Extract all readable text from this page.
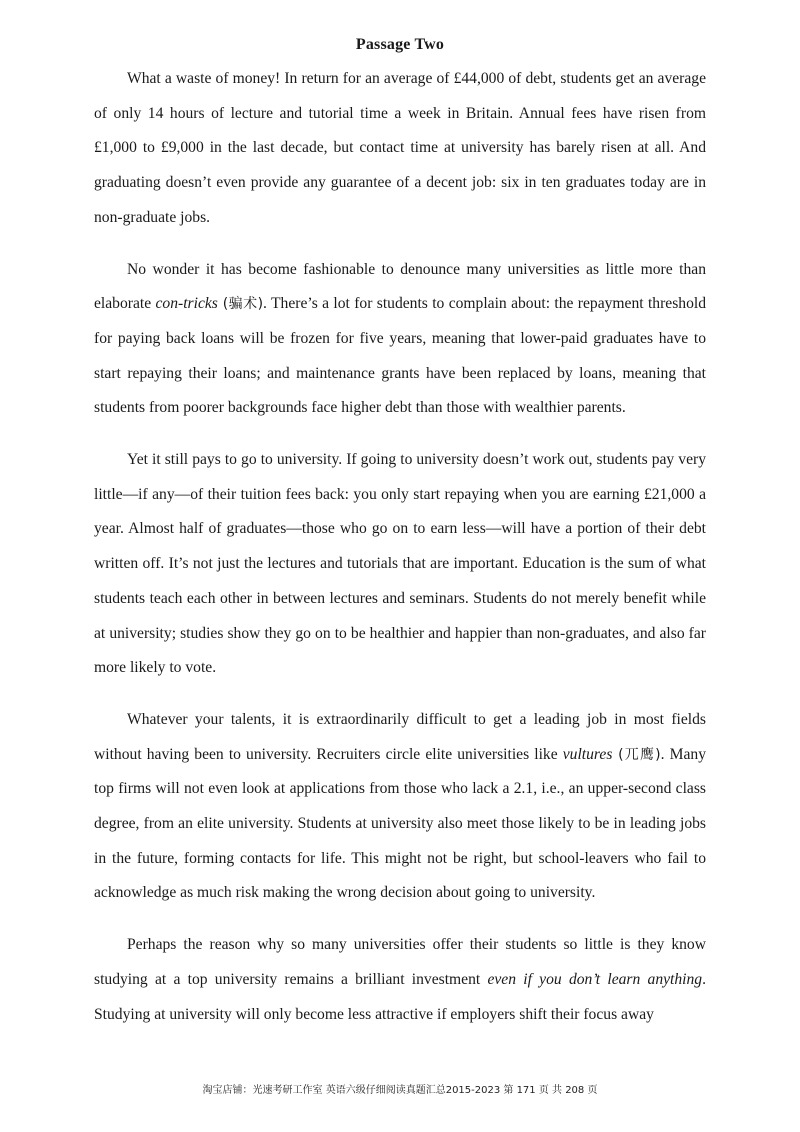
Passage Two

What a waste of money! In return for an average of £44,000 of debt, students get an average of only 14 hours of lecture and tutorial time a week in Britain. Annual fees have risen from £1,000 to £9,000 in the last decade, but contact time at university has barely risen at all. And graduating doesn’t even provide any guarantee of a decent job: six in ten graduates today are in non-graduate jobs.

No wonder it has become fashionable to denounce many universities as little more than elaborate con-tricks (骗术). There’s a lot for students to complain about: the repayment threshold for paying back loans will be frozen for five years, meaning that lower-paid graduates have to start repaying their loans; and maintenance grants have been replaced by loans, meaning that students from poorer backgrounds face higher debt than those with wealthier parents.

Yet it still pays to go to university. If going to university doesn’t work out, students pay very little—if any—of their tuition fees back: you only start repaying when you are earning £21,000 a year. Almost half of graduates—those who go on to earn less—will have a portion of their debt written off. It’s not just the lectures and tutorials that are important. Education is the sum of what students teach each other in between lectures and seminars. Students do not merely benefit while at university; studies show they go on to be healthier and happier than non-graduates, and also far more likely to vote.

Whatever your talents, it is extraordinarily difficult to get a leading job in most fields without having been to university. Recruiters circle elite universities like vultures (兀鹰). Many top firms will not even look at applications from those who lack a 2.1, i.e., an upper-second class degree, from an elite university. Students at university also meet those likely to be in leading jobs in the future, forming contacts for life. This might not be right, but school-leavers who fail to acknowledge as much risk making the wrong decision about going to university.

Perhaps the reason why so many universities offer their students so little is they know studying at a top university remains a brilliant investment even if you don’t learn anything. Studying at university will only become less attractive if employers shift their focus away

淘宝店铺：光速考研工作室 英语六级仔细阅读真题汇总2015-2023 第 171 页 共 208 页
